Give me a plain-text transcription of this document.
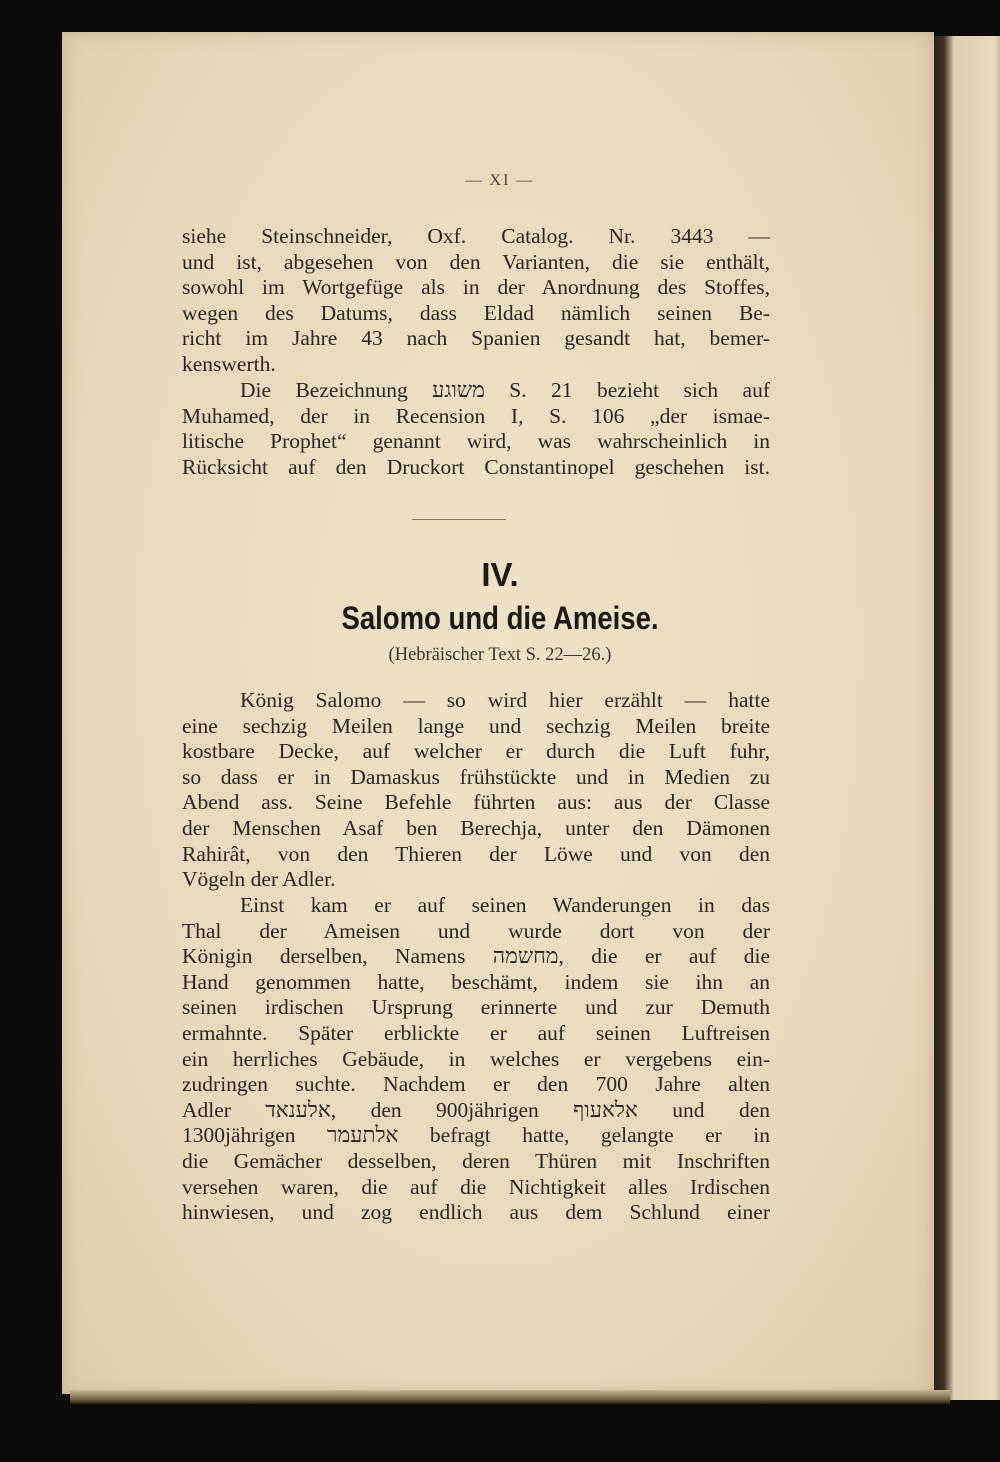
— XI —
siehe Steinschneider, Oxf. Catalog. Nr. 3443 —
und ist, abgesehen von den Varianten, die sie enthält,
sowohl im Wortgefüge als in der Anordnung des Stoffes,
wegen des Datums, dass Eldad nämlich seinen Be-
richt im Jahre 43 nach Spanien gesandt hat, bemer-
kenswerth.
Die Bezeichnung משוגע S. 21 bezieht sich auf
Muhamed, der in Recension I, S. 106 „der ismae-
litische Prophet“ genannt wird, was wahrscheinlich in
Rücksicht auf den Druckort Constantinopel geschehen ist.
IV.
Salomo und die Ameise.
(Hebräischer Text S. 22—26.)
König Salomo — so wird hier erzählt — hatte
eine sechzig Meilen lange und sechzig Meilen breite
kostbare Decke, auf welcher er durch die Luft fuhr,
so dass er in Damaskus frühstückte und in Medien zu
Abend ass. Seine Befehle führten aus: aus der Classe
der Menschen Asaf ben Berechja, unter den Dämonen
Rahirât, von den Thieren der Löwe und von den
Vögeln der Adler.
Einst kam er auf seinen Wanderungen in das
Thal der Ameisen und wurde dort von der
Königin derselben, Namens מחשמה, die er auf die
Hand genommen hatte, beschämt, indem sie ihn an
seinen irdischen Ursprung erinnerte und zur Demuth
ermahnte. Später erblickte er auf seinen Luftreisen
ein herrliches Gebäude, in welches er vergebens ein-
zudringen suchte. Nachdem er den 700 Jahre alten
Adler אלענאד, den 900jährigen אלאעוף und den
1300jährigen אלתעמר befragt hatte, gelangte er in
die Gemächer desselben, deren Thüren mit Inschriften
versehen waren, die auf die Nichtigkeit alles Irdischen
hinwiesen, und zog endlich aus dem Schlund einer
